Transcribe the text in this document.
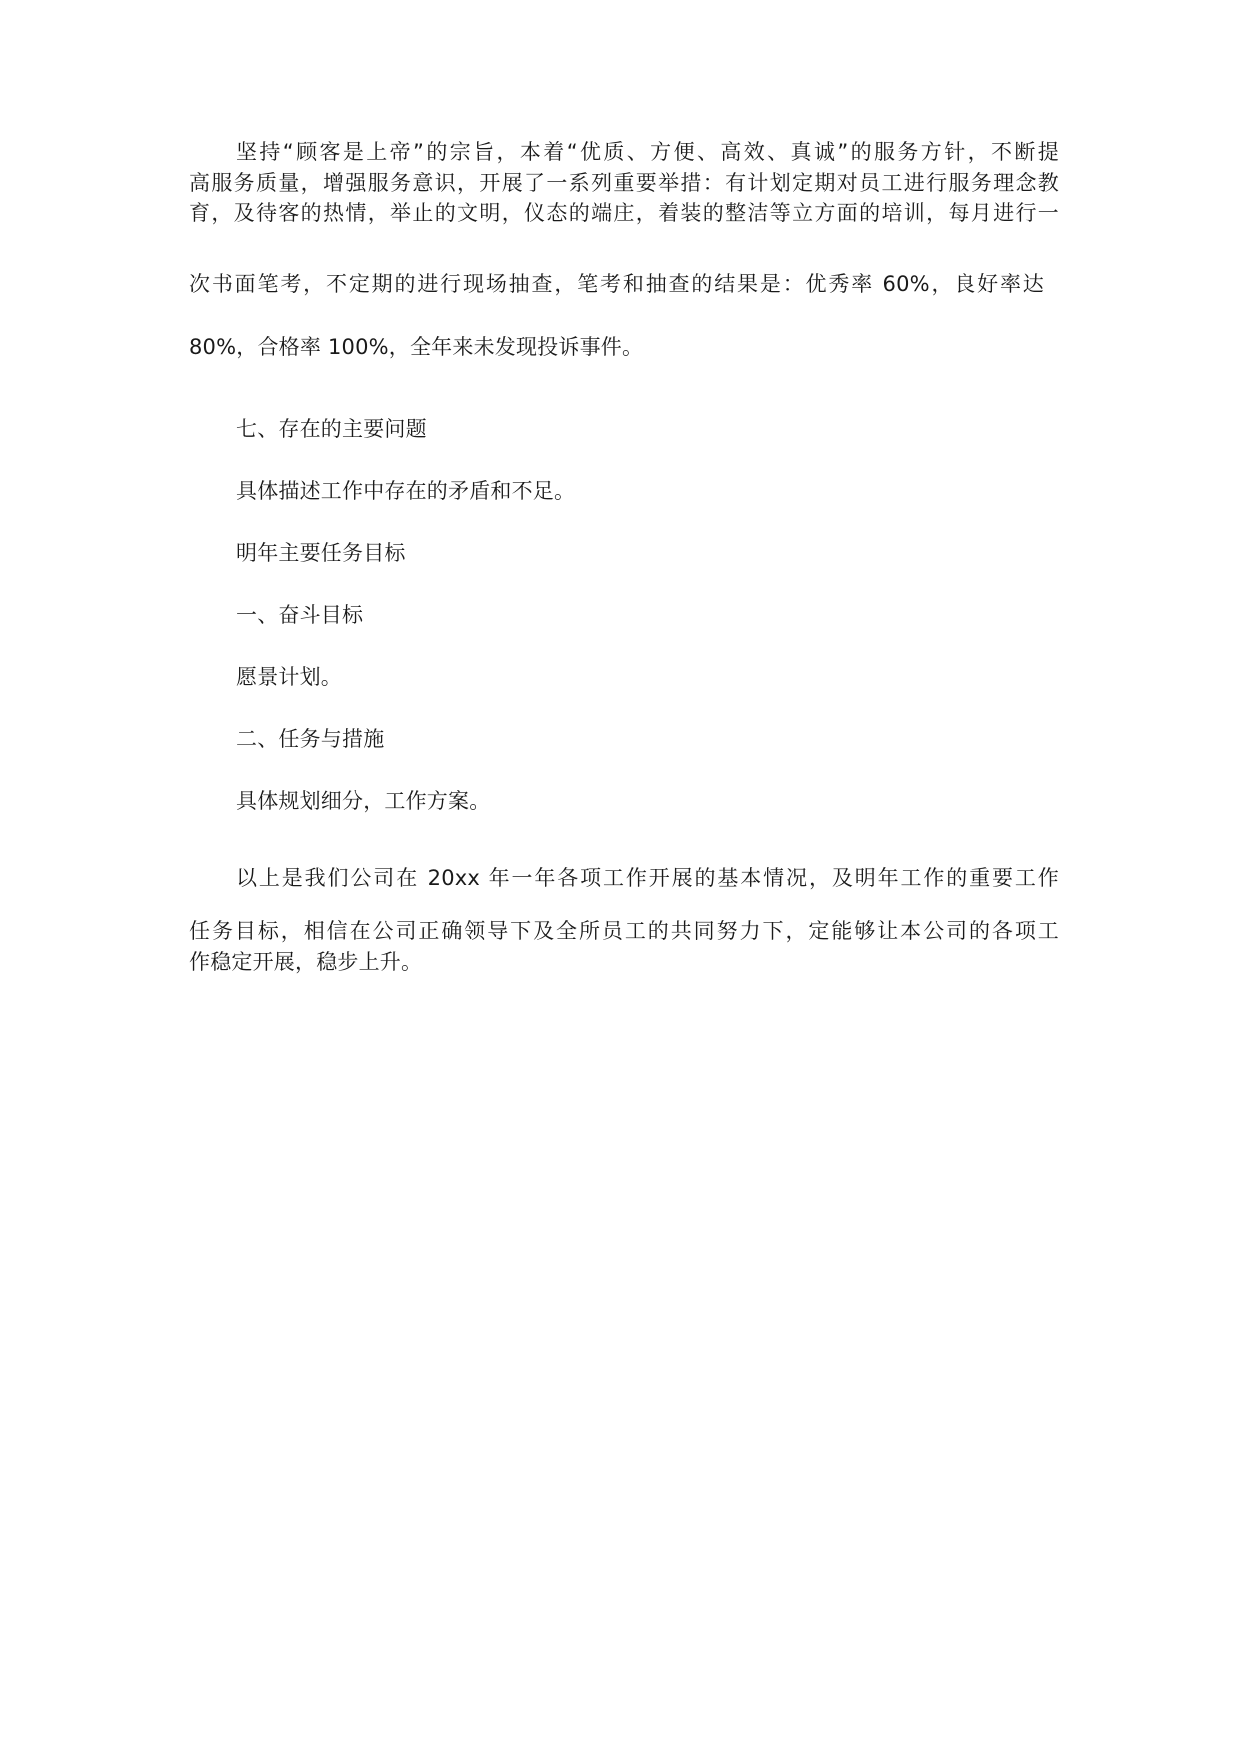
坚持“顾客是上帝”的宗旨，本着“优质、方便、高效、真诚”的服务方针，不断提
高服务质量，增强服务意识，开展了一系列重要举措：有计划定期对员工进行服务理念教
育，及待客的热情，举止的文明，仪态的端庄，着装的整洁等立方面的培训，每月进行一
次书面笔考，不定期的进行现场抽查，笔考和抽查的结果是：优秀率 60%，良好率达
80%，合格率 100%，全年来未发现投诉事件。
七、存在的主要问题
具体描述工作中存在的矛盾和不足。
明年主要任务目标
一、奋斗目标
愿景计划。
二、任务与措施
具体规划细分，工作方案。
以上是我们公司在 20xx 年一年各项工作开展的基本情况，及明年工作的重要工作
任务目标，相信在公司正确领导下及全所员工的共同努力下，定能够让本公司的各项工
作稳定开展，稳步上升。
